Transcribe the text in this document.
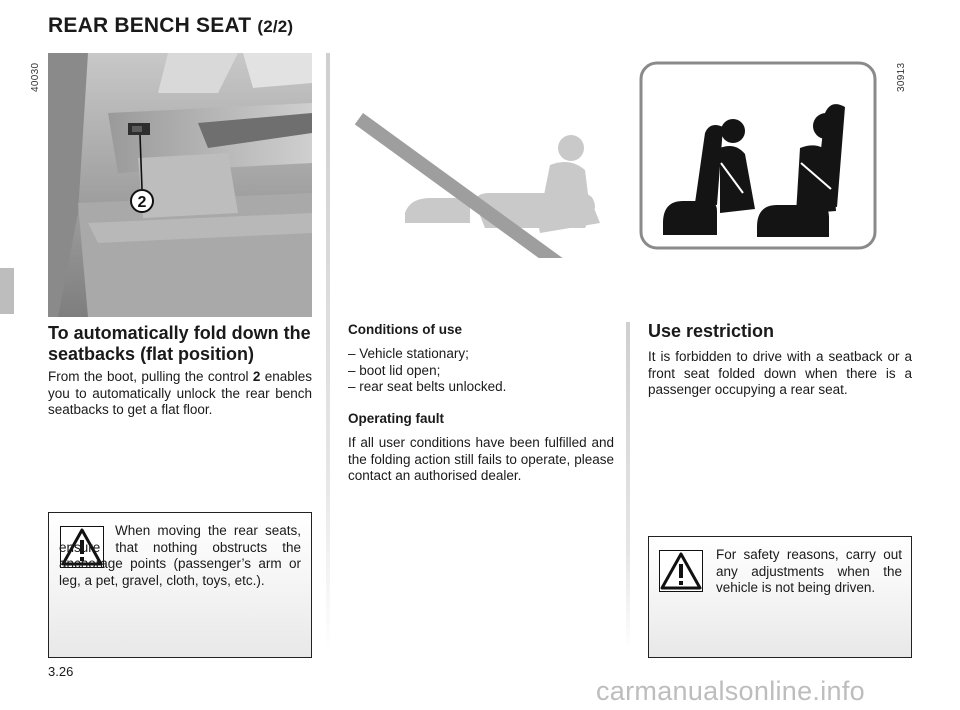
REAR BENCH SEAT (2/2)
40030	30913
2
To automatically fold down the seatbacks (flat position)

From the boot, pulling the control 2 enables you to automatically unlock the rear bench seatbacks to get a flat floor.

When moving the rear seats, ensure that nothing obstructs the anchorage points (passenger’s arm or leg, a pet, gravel, cloth, toys, etc.).
Conditions of use
– Vehicle stationary;
– boot lid open;
– rear seat belts unlocked.
Operating fault

If all user conditions have been fulfilled and the folding action still fails to operate, please contact an authorised dealer.

Use restriction

It is forbidden to drive with a seatback or a front seat folded down when there is a passenger occupying a rear seat.

For safety reasons, carry out any adjustments when the vehicle is not being driven.
3.26
carmanualsonline.info
